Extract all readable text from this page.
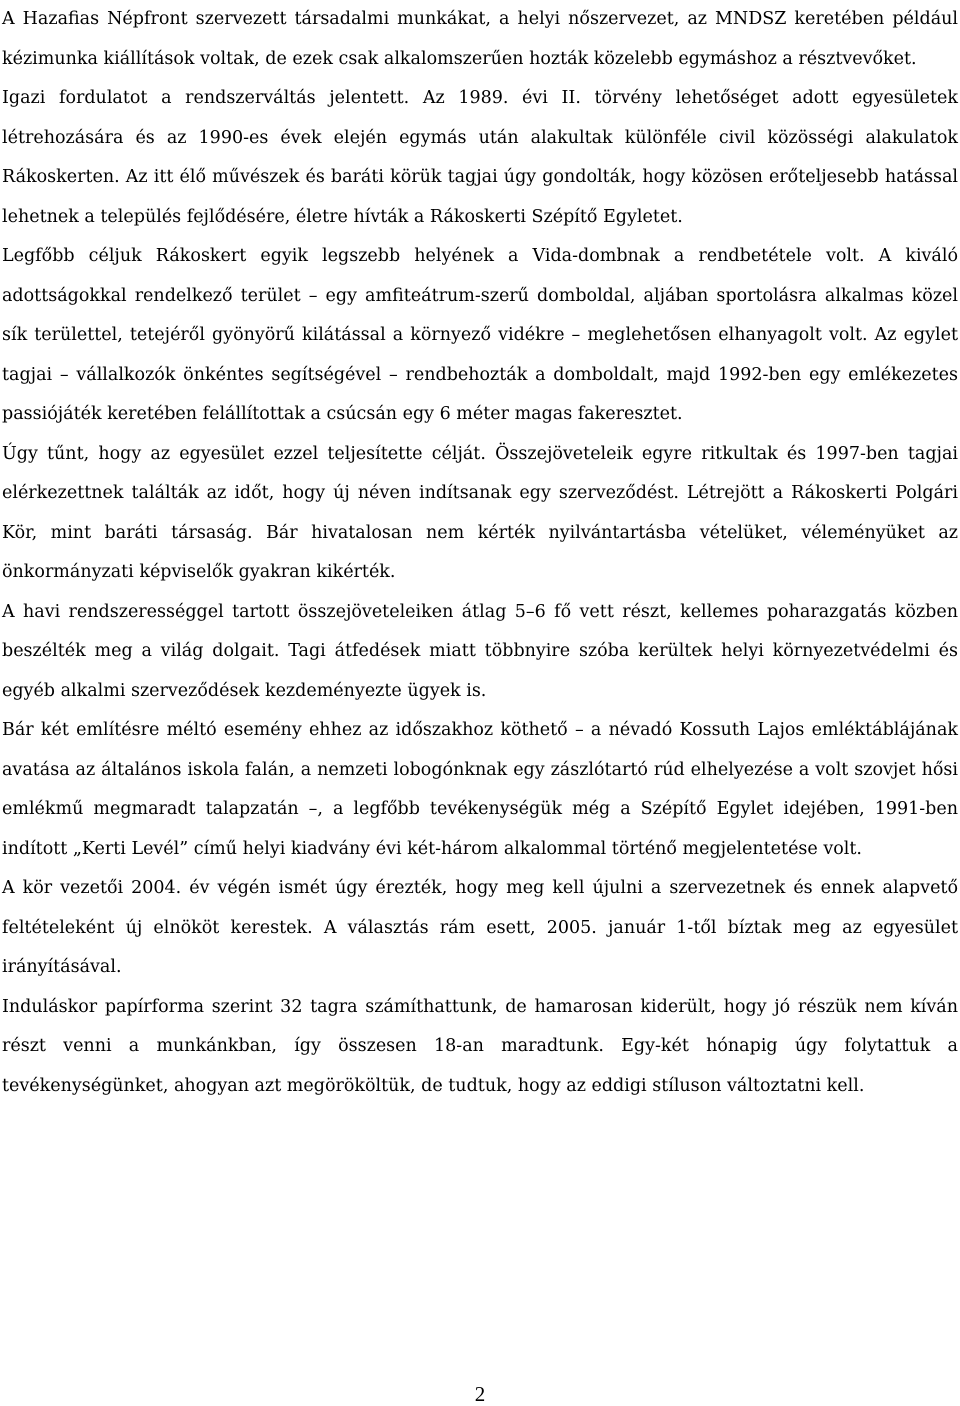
A Hazafias Népfront szervezett társadalmi munkákat, a helyi nőszervezet, az MNDSZ keretében például kézimunka kiállítások voltak, de ezek csak alkalomszerűen hozták közelebb egymáshoz a résztvevőket.

Igazi fordulatot a rendszerváltás jelentett. Az 1989. évi II. törvény lehetőséget adott egyesületek létrehozására és az 1990-es évek elején egymás után alakultak különféle civil közösségi alakulatok Rákoskerten. Az itt élő művészek és baráti körük tagjai úgy gondolták, hogy közösen erőteljesebb hatással lehetnek a település fejlődésére, életre hívták a Rákoskerti Szépítő Egyletet.

Legfőbb céljuk Rákoskert egyik legszebb helyének a Vida-dombnak a rendbetétele volt. A kiváló adottságokkal rendelkező terület – egy amfiteátrum-szerű domboldal, aljában sportolásra alkalmas közel sík területtel, tetejéről gyönyörű kilátással a környező vidékre – meglehetősen elhanyagolt volt. Az egylet tagjai – vállalkozók önkéntes segítségével – rendbehozták a domboldalt, majd 1992-ben egy emlékezetes passiójáték keretében felállítottak a csúcsán egy 6 méter magas fakeresztet.

Úgy tűnt, hogy az egyesület ezzel teljesítette célját. Összejöveteleik egyre ritkultak és 1997-ben tagjai elérkezettnek találták az időt, hogy új néven indítsanak egy szerveződést. Létrejött a Rákoskerti Polgári Kör, mint baráti társaság. Bár hivatalosan nem kérték nyilvántartásba vételüket, véleményüket az önkormányzati képviselők gyakran kikérték.

A havi rendszerességgel tartott összejöveteleiken átlag 5–6 fő vett részt, kellemes poharazgatás közben beszélték meg a világ dolgait. Tagi átfedések miatt többnyire szóba kerültek helyi környezetvédelmi és egyéb alkalmi szerveződések kezdeményezte ügyek is.

Bár két említésre méltó esemény ehhez az időszakhoz köthető – a névadó Kossuth Lajos emléktáblájának avatása az általános iskola falán, a nemzeti lobogónknak egy zászlótartó rúd elhelyezése a volt szovjet hősi emlékmű megmaradt talapzatán –, a legfőbb tevékenységük még a Szépítő Egylet idejében, 1991-ben indított „Kerti Levél” című helyi kiadvány évi két-három alkalommal történő megjelentetése volt.

A kör vezetői 2004. év végén ismét úgy érezték, hogy meg kell újulni a szervezetnek és ennek alapvető feltételeként új elnököt kerestek. A választás rám esett, 2005. január 1-től bíztak meg az egyesület irányításával.

Induláskor papírforma szerint 32 tagra számíthattunk, de hamarosan kiderült, hogy jó részük nem kíván részt venni a munkánkban, így összesen 18-an maradtunk. Egy-két hónapig úgy folytattuk a tevékenységünket, ahogyan azt megörököltük, de tudtuk, hogy az eddigi stíluson változtatni kell.

2
